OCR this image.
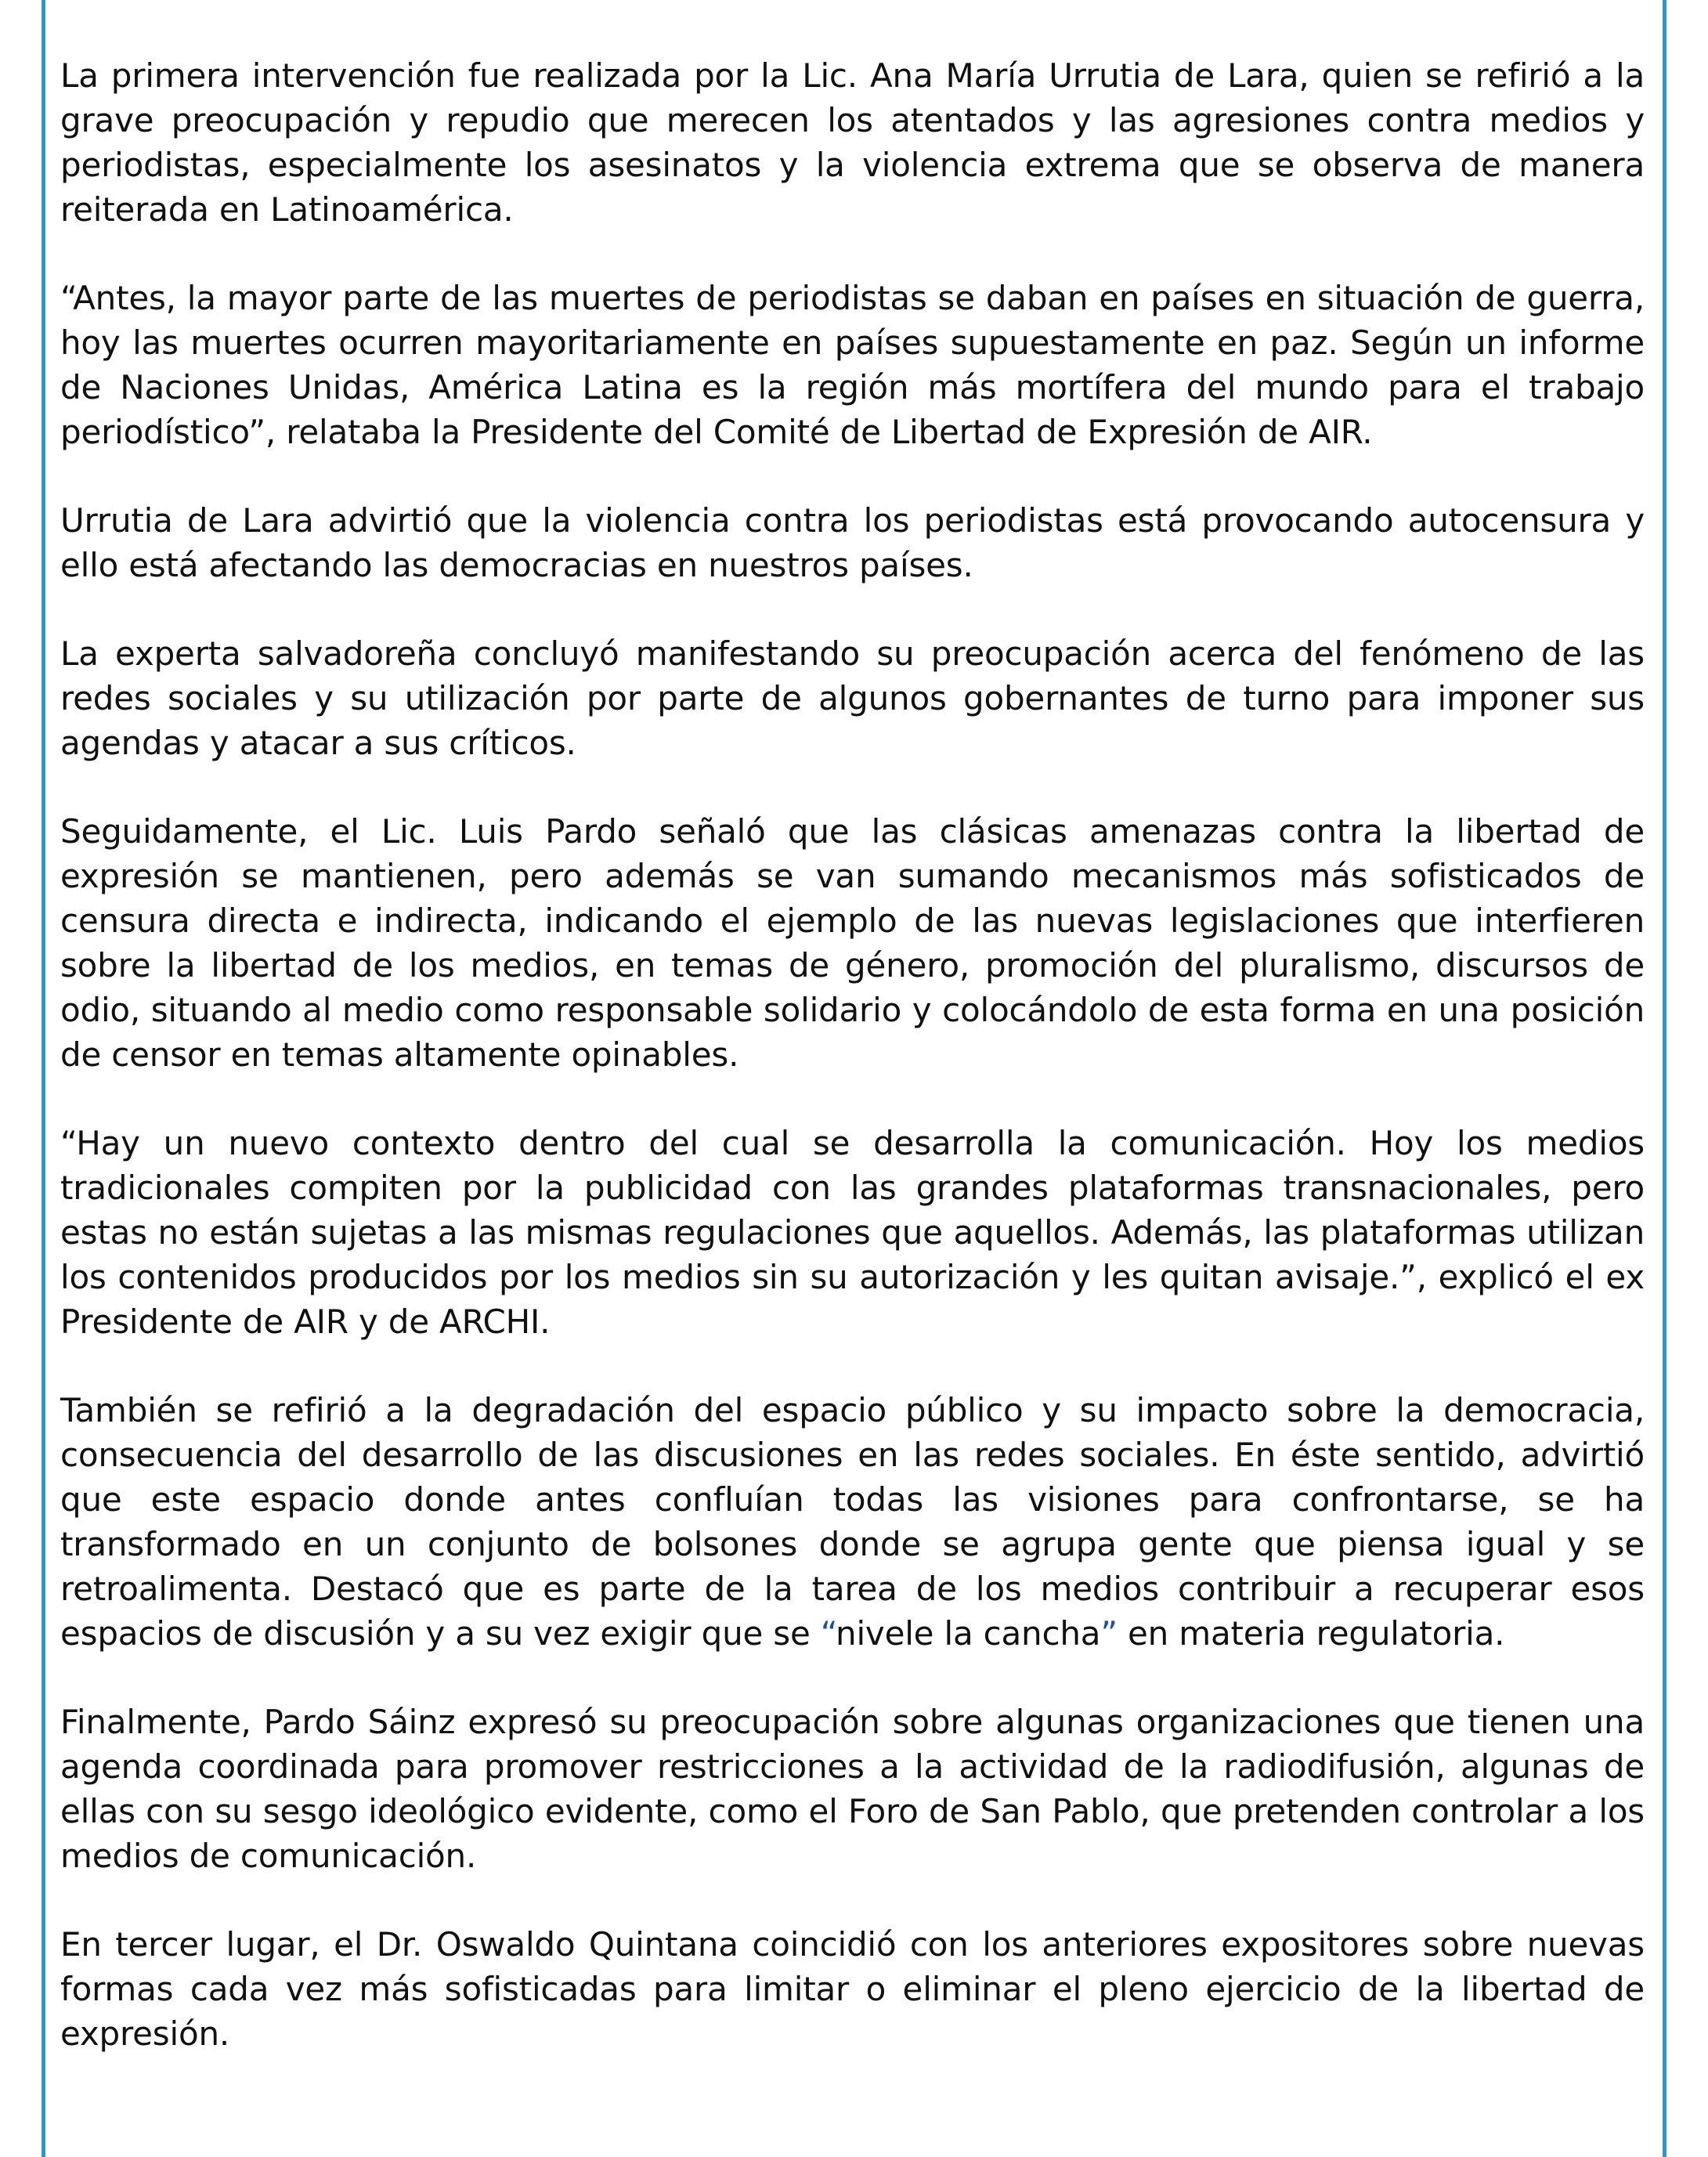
La primera intervención fue realizada por la Lic. Ana María Urrutia de Lara, quien se refirió a la grave preocupación y repudio que merecen los atentados y las agresiones contra medios y periodistas, especialmente los asesinatos y la violencia extrema que se observa de manera reiterada en Latinoamérica.

“Antes, la mayor parte de las muertes de periodistas se daban en países en situación de guerra, hoy las muertes ocurren mayoritariamente en países supuestamente en paz. Según un informe de Naciones Unidas, América Latina es la región más mortífera del mundo para el trabajo periodístico”, relataba la Presidente del Comité de Libertad de Expresión de AIR.

Urrutia de Lara advirtió que la violencia contra los periodistas está provocando autocensura y ello está afectando las democracias en nuestros países.

La experta salvadoreña concluyó manifestando su preocupación acerca del fenómeno de las redes sociales y su utilización por parte de algunos gobernantes de turno para imponer sus agendas y atacar a sus críticos.

Seguidamente, el Lic. Luis Pardo señaló que las clásicas amenazas contra la libertad de expresión se mantienen, pero además se van sumando mecanismos más sofisticados de censura directa e indirecta, indicando el ejemplo de las nuevas legislaciones que interfieren sobre la libertad de los medios, en temas de género, promoción del pluralismo, discursos de odio, situando al medio como responsable solidario y colocándolo de esta forma en una posición de censor en temas altamente opinables.

“Hay un nuevo contexto dentro del cual se desarrolla la comunicación. Hoy los medios tradicionales compiten por la publicidad con las grandes plataformas transnacionales, pero estas no están sujetas a las mismas regulaciones que aquellos. Además, las plataformas utilizan los contenidos producidos por los medios sin su autorización y les quitan avisaje.”, explicó el ex Presidente de AIR y de ARCHI.

También se refirió a la degradación del espacio público y su impacto sobre la democracia, consecuencia del desarrollo de las discusiones en las redes sociales. En éste sentido, advirtió que este espacio donde antes confluían todas las visiones para confrontarse, se ha transformado en un conjunto de bolsones donde se agrupa gente que piensa igual y se retroalimenta. Destacó que es parte de la tarea de los medios contribuir a recuperar esos espacios de discusión y a su vez exigir que se “nivele la cancha” en materia regulatoria.

Finalmente, Pardo Sáinz expresó su preocupación sobre algunas organizaciones que tienen una agenda coordinada para promover restricciones a la actividad de la radiodifusión, algunas de ellas con su sesgo ideológico evidente, como el Foro de San Pablo, que pretenden controlar a los medios de comunicación.

En tercer lugar, el Dr. Oswaldo Quintana coincidió con los anteriores expositores sobre nuevas formas cada vez más sofisticadas para limitar o eliminar el pleno ejercicio de la libertad de expresión.
